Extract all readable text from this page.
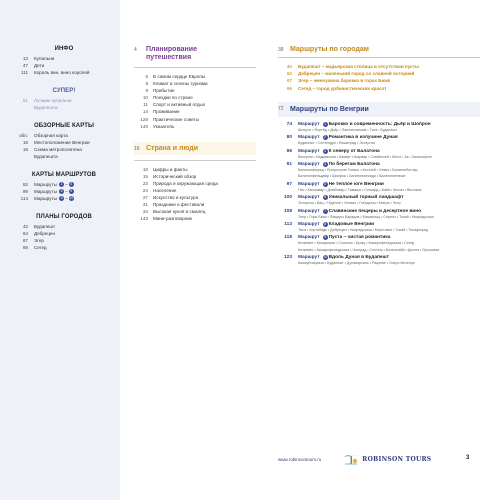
ИНФО
13	Купальни
47	Дети
111	Король вин, вино королей
СУПЕР!
51	Лучшие купальни
Будапешта
ОБЗОРНЫЕ КАРТЫ
обл.	Обзорная карта
18	Местоположение Венгрии
18	Схема метрополитена
Будапешта
КАРТЫ МАРШРУТОВ
82	Маршруты 1 – 4
99	Маршруты 5 – 9
114	Маршруты 9 – 10
ПЛАНЫ ГОРОДОВ
42	Будапешт
64	Дебрецен
67	Эгер
69	Сегед
4	Планирование
путешествия
6	В самом сердце Европы
8	Климат и сезоны туризма
9	Прибытие
10	Поездки по стране
11	Спорт и активный отдых
14	Проживание
128	Практические советы
140	Указатель
16 Страна и люди
18	Цифры и факты
19	Исторический обзор
23	Природа и окружающая среда
24	Население
27	Искусство и культура
31	Праздники и фестивали
34	Высокая кухня и смалец
143	Мини-разговорник
38 Маршруты по городам
40	Будапешт – мадьярская столица в отсутствии пусты
62	Дебрецен – маленький город со славной историей
67	Эгер – жемчужина барокко в горах Бюкк
69	Сегед – город урбанистических красот
72 Маршруты по Венгрии
74	Маршрут	1 Барокко и современность: Дьёр и Шопрон
Шопрон • Фертёд • Дьёр • Паннонхальма • Тата • Будапешт
80	Маршрут	2 Романтика в излучине Дуная
Будапешт • Сентендре • Вишеград • Эстергом
86	Маршрут	3 К северу от Балатона
Веспрем • Надьвазони • Шюмег • Шарвар • Сомбатхей • Кёсег • Ак • Залаэгерсег
91	Маршрут	4 По берегам Балатона
Балатонфюред • Полуостров Тихань • Кестхей • Хевиз • Балатонбоглар
Балатонфёльдвар • Шиофок • Балатоналмади • Балатонкенеше
97	Маршрут	5 Не теплое юге Венгрии
Печ • Капошвар • Домбовар • Тамаши • Сексард • Байя • Мохач • Виллань
100	Маршрут	6 Уникальный горный ландшафт
Эстергом • Вац • Гёдёллё • Хатван • Гьёндьёш • Матра • Эгер
108	Маршрут	7 Славянские пещеры и десертное вино
Эгер • Горы Бюкк • Пещеры Барадла • Мишкольц • Серенч • Токай • Ньиредьхаза
113	Маршрут	8 Кладовые Венгрии
Тиса • Хортобадь • Дебрецен • Ньиредьхаза • Береговое • Токай • Тисафюред
118	Маршрут	9 Пуста – чистая романтика
Кечкемет • Кишкуншаг • Сольнок • Бугац • Кишкунфеледьхаза • Сегед
Кечкемет • Кишкунфеледьхаза • Чонград • Сентеш • Бекешчаба • Дьюла • Орошхаза
123	Маршрут 10 Вдоль Дуная в Будапешт
Кишкунлацхаза • Будапешт • Дунаварсань • Рацкеве • Озеро Веленце
www.robinsontours.ru	ROBINSON TOURS	3
